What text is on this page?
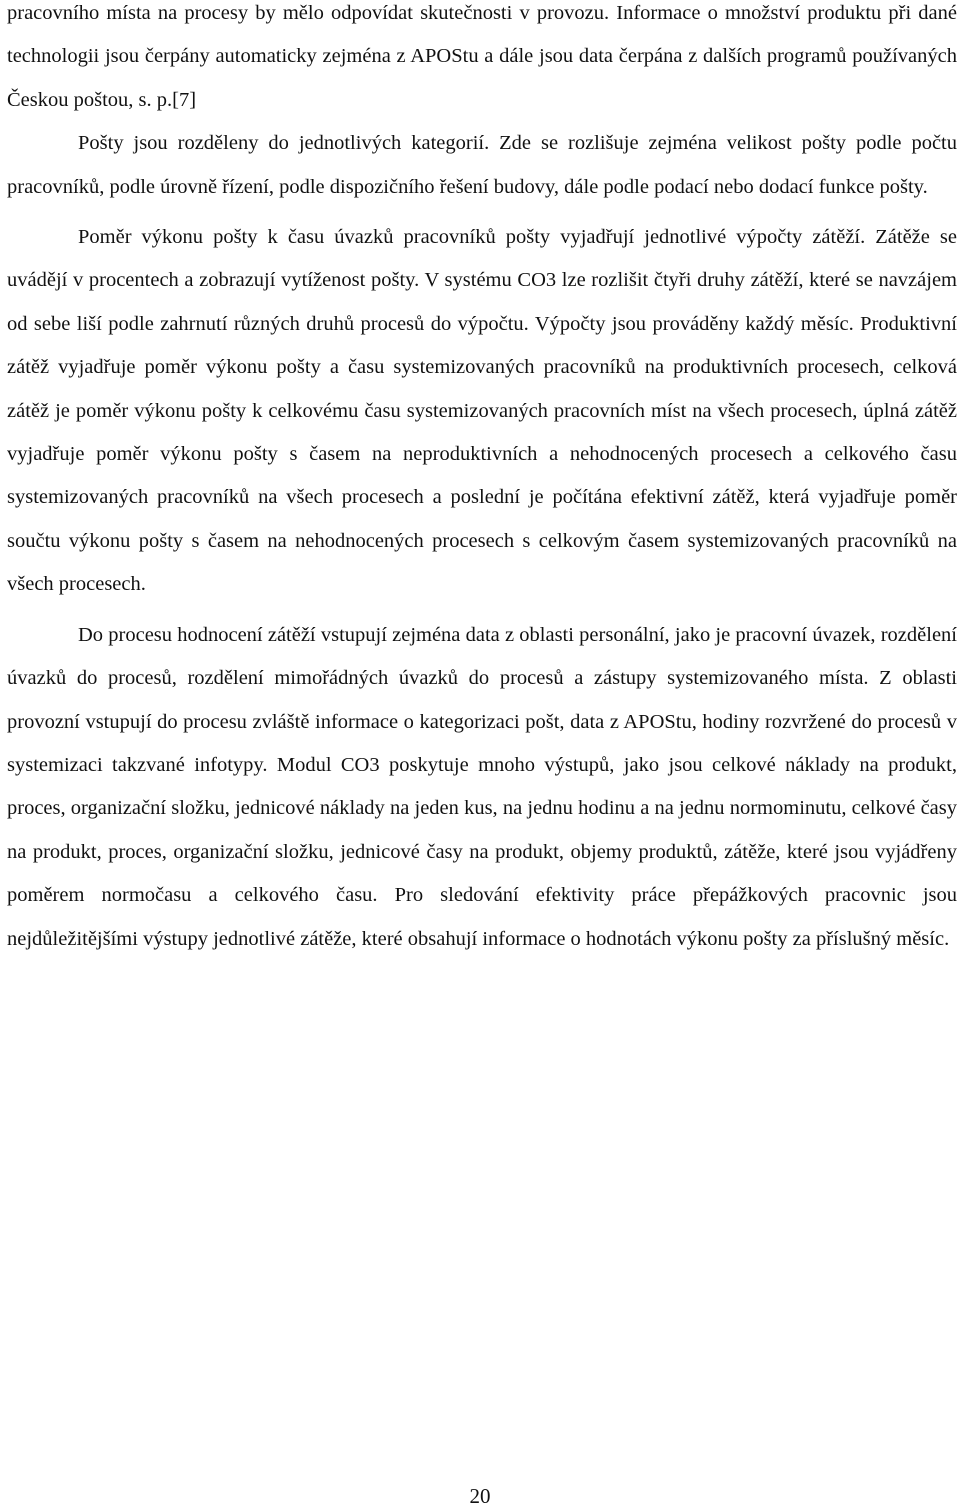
pracovního místa na procesy by mělo odpovídat skutečnosti v provozu. Informace o množství produktu při dané technologii jsou čerpány automaticky zejména z APOStu a dále jsou data čerpána z dalších programů používaných Českou poštou, s. p.[7]

Pošty jsou rozděleny do jednotlivých kategorií. Zde se rozlišuje zejména velikost pošty podle počtu pracovníků, podle úrovně řízení, podle dispozičního řešení budovy, dále podle podací nebo dodací funkce pošty.

Poměr výkonu pošty k času úvazků pracovníků pošty vyjadřují jednotlivé výpočty zátěží. Zátěže se uvádějí v procentech a zobrazují vytíženost pošty. V systému CO3 lze rozlišit čtyři druhy zátěží, které se navzájem od sebe liší podle zahrnutí různých druhů procesů do výpočtu. Výpočty jsou prováděny každý měsíc. Produktivní zátěž vyjadřuje poměr výkonu pošty a času systemizovaných pracovníků na produktivních procesech, celková zátěž je poměr výkonu pošty k celkovému času systemizovaných pracovních míst na všech procesech, úplná zátěž vyjadřuje poměr výkonu pošty s časem na neproduktivních a nehodnocených procesech a celkového času systemizovaných pracovníků na všech procesech a poslední je počítána efektivní zátěž, která vyjadřuje poměr součtu výkonu pošty s časem na nehodnocených procesech s celkovým časem systemizovaných pracovníků na všech procesech.

Do procesu hodnocení zátěží vstupují zejména data z oblasti personální, jako je pracovní úvazek, rozdělení úvazků do procesů, rozdělení mimořádných úvazků do procesů a zástupy systemizovaného místa. Z oblasti provozní vstupují do procesu zvláště informace o kategorizaci pošt, data z APOStu, hodiny rozvržené do procesů v systemizaci takzvané infotypy. Modul CO3 poskytuje mnoho výstupů, jako jsou celkové náklady na produkt, proces, organizační složku, jednicové náklady na jeden kus, na jednu hodinu a na jednu normominutu, celkové časy na produkt, proces, organizační složku, jednicové časy na produkt, objemy produktů, zátěže, které jsou vyjádřeny poměrem normočasu a celkového času. Pro sledování efektivity práce přepážkových pracovnic jsou nejdůležitějšími výstupy jednotlivé zátěže, které obsahují informace o hodnotách výkonu pošty za příslušný měsíc.

20
